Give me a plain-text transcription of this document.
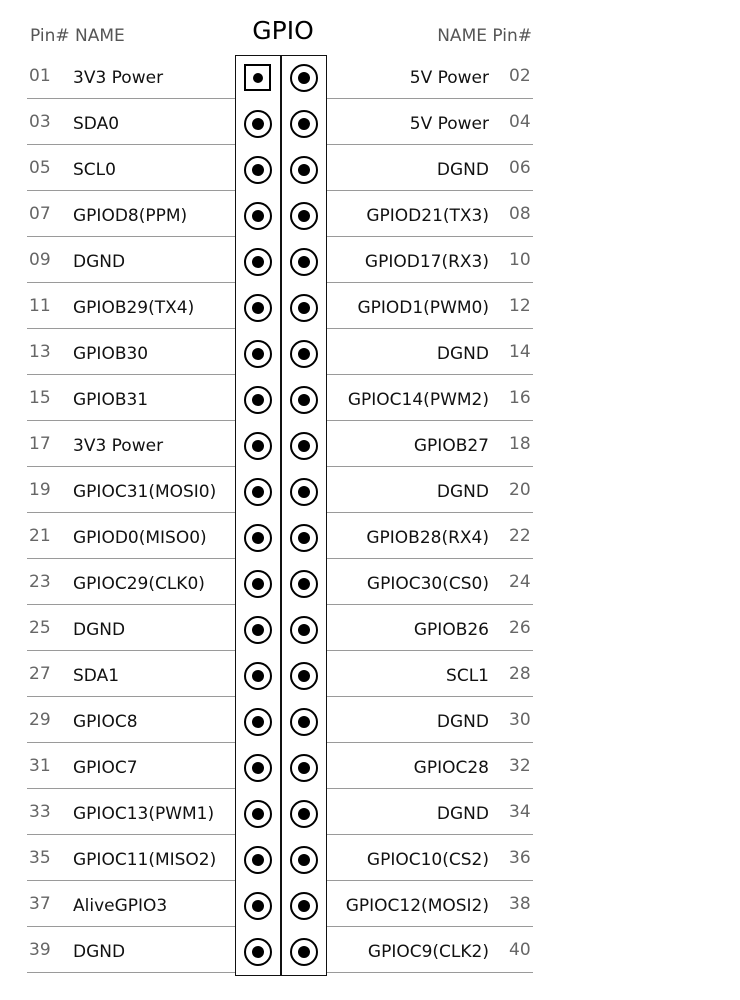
Pin# NAME	GPIO	NAME Pin#
01 3V3 Power	5V Power 02
03 SDA0	5V Power 04
05 SCL0	DGND 06
07 GPIOD8(PPM)	GPIOD21(TX3) 08
09 DGND	GPIOD17(RX3) 10
11 GPIOB29(TX4)	GPIOD1(PWM0) 12
13 GPIOB30	DGND 14
15 GPIOB31	GPIOC14(PWM2) 16
17 3V3 Power	GPIOB27 18
19 GPIOC31(MOSI0)	DGND 20
21 GPIOD0(MISO0)	GPIOB28(RX4) 22
23 GPIOC29(CLK0)	GPIOC30(CS0) 24
25 DGND	GPIOB26 26
27 SDA1	SCL1 28
29 GPIOC8	DGND 30
31 GPIOC7	GPIOC28 32
33 GPIOC13(PWM1)	DGND 34
35 GPIOC11(MISO2)	GPIOC10(CS2) 36
37 AliveGPIO3	GPIOC12(MOSI2) 38
39 DGND	GPIOC9(CLK2) 40
